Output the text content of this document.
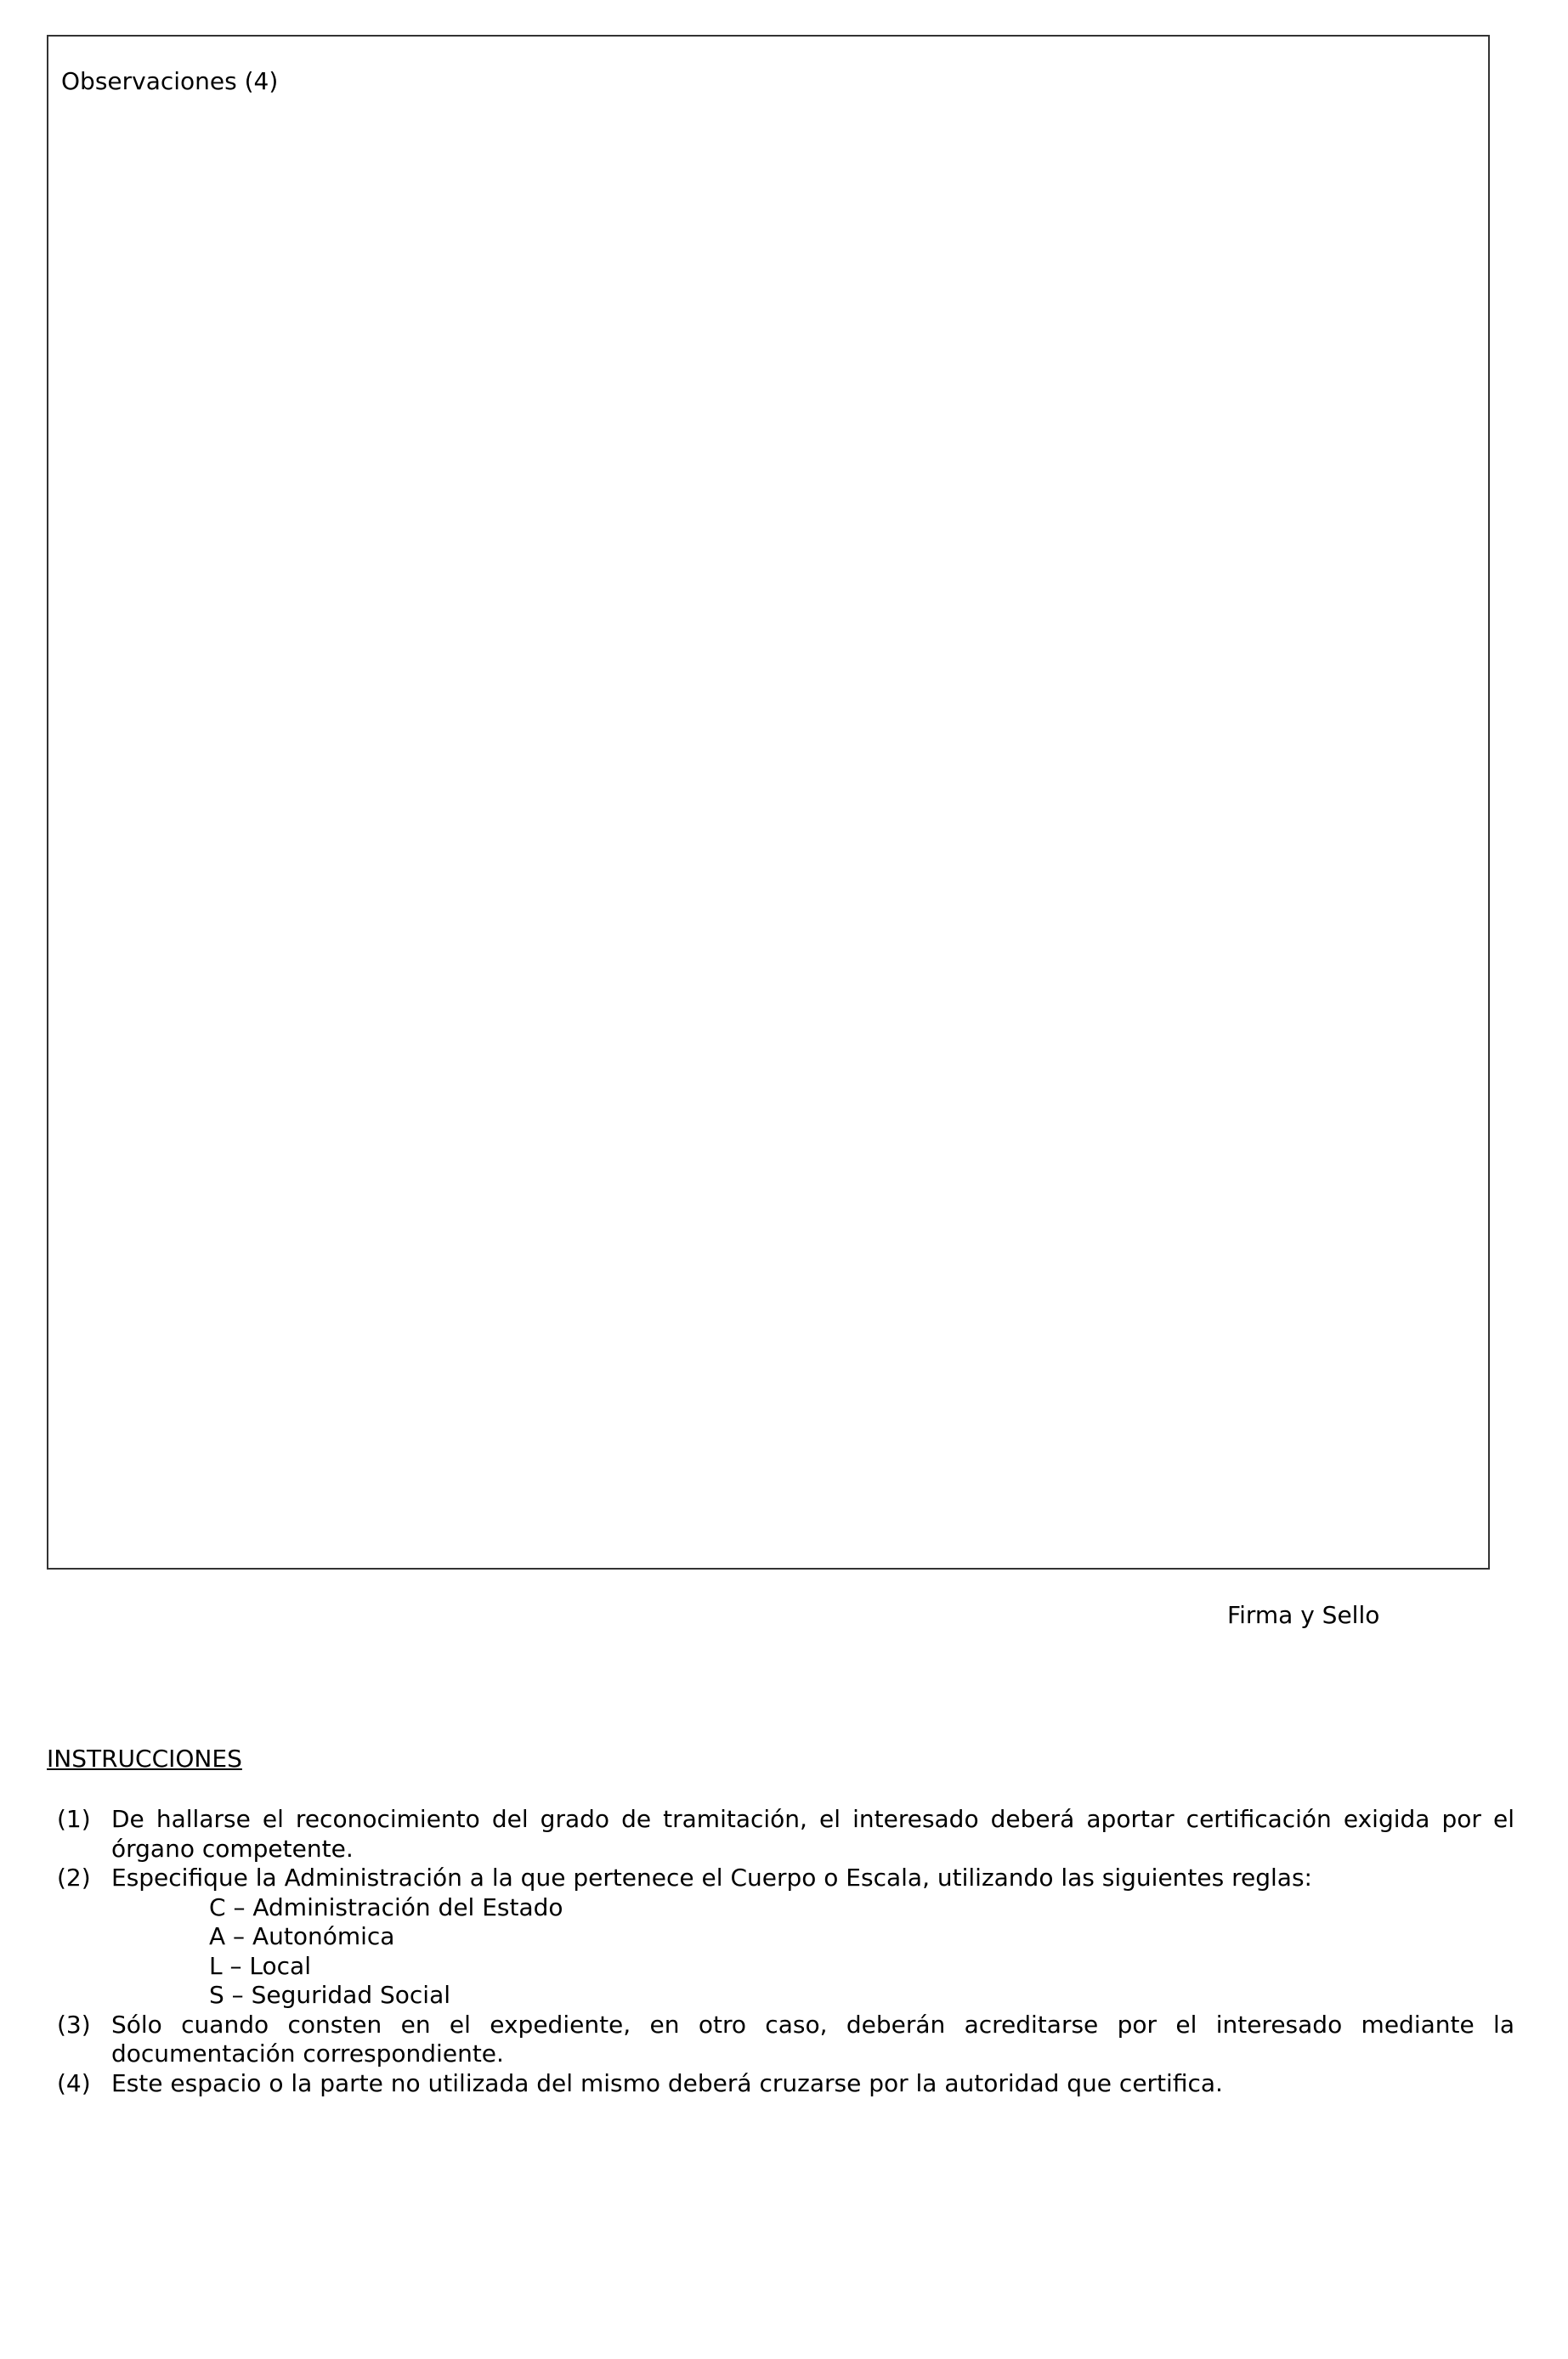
Observaciones (4)
Firma y Sello
INSTRUCCIONES
(1) De hallarse el reconocimiento del grado de tramitación, el interesado deberá aportar certificación exigida por el órgano competente.
(2) Especifique la Administración a la que pertenece el Cuerpo o Escala, utilizando las siguientes reglas:
C – Administración del Estado
A – Autonómica
L – Local
S – Seguridad Social
(3) Sólo cuando consten en el expediente, en otro caso, deberán acreditarse por el interesado mediante la documentación correspondiente.
(4) Este espacio o la parte no utilizada del mismo deberá cruzarse por la autoridad que certifica.
